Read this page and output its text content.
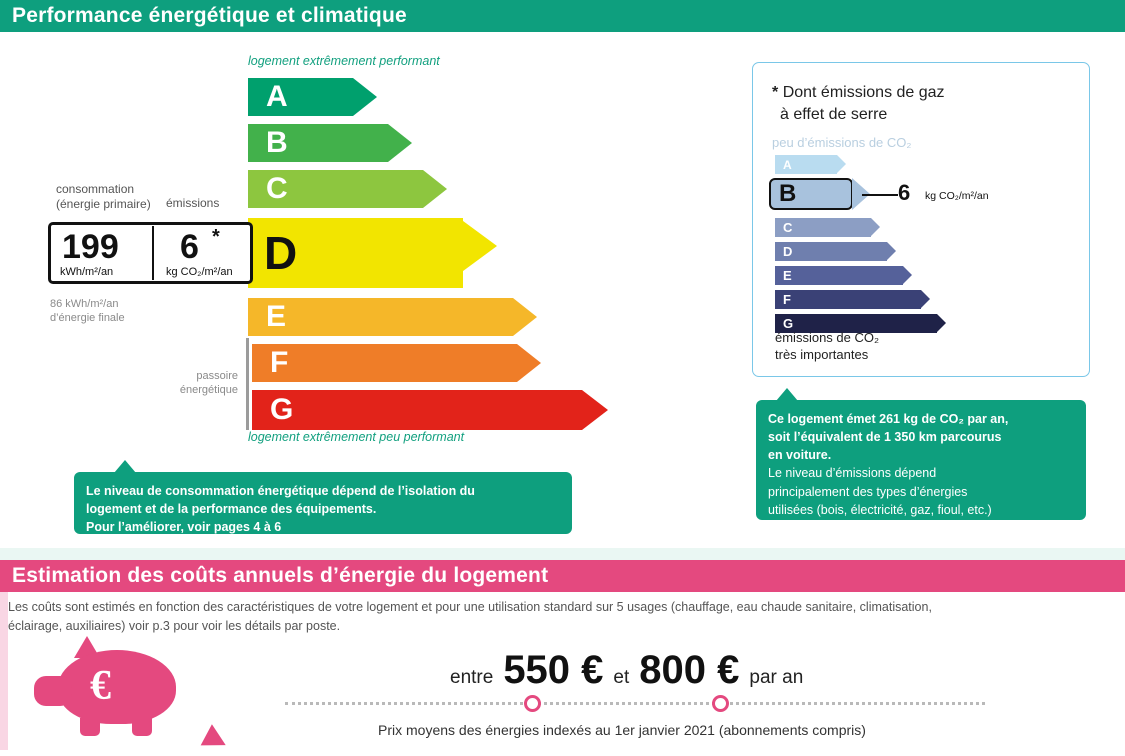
Performance énergétique et climatique
logement extrêmement performant
logement extrêmement peu performant
A
B
C
D
E
F
G
consommation
(énergie primaire) émissions
199
kWh/m²/an
6 *
kg CO₂/m²/an
86 kWh/m²/an
d’énergie finale
passoire
énergétique
Le niveau de consommation énergétique dépend de l’isolation du
logement et de la performance des équipements.
Pour l’améliorer, voir pages 4 à 6
* Dont émissions de gaz
à effet de serre
peu d’émissions de CO₂
A
B	6 kg CO₂/m²/an
C
D
E
F
G
émissions de CO₂
très importantes
Ce logement émet 261 kg de CO₂ par an,
soit l’équivalent de 1 350 km parcourus
en voiture.
Le niveau d’émissions dépend
principalement des types d’énergies
utilisées (bois, électricité, gaz, fioul, etc.)
Estimation des coûts annuels d’énergie du logement
Les coûts sont estimés en fonction des caractéristiques de votre logement et pour une utilisation standard sur 5 usages (chauffage, eau chaude sanitaire, climatisation,
éclairage, auxiliaires) voir p.3 pour voir les détails par poste.
€	entre 550 € et 800 € par an
Prix moyens des énergies indexés au 1er janvier 2021 (abonnements compris)
